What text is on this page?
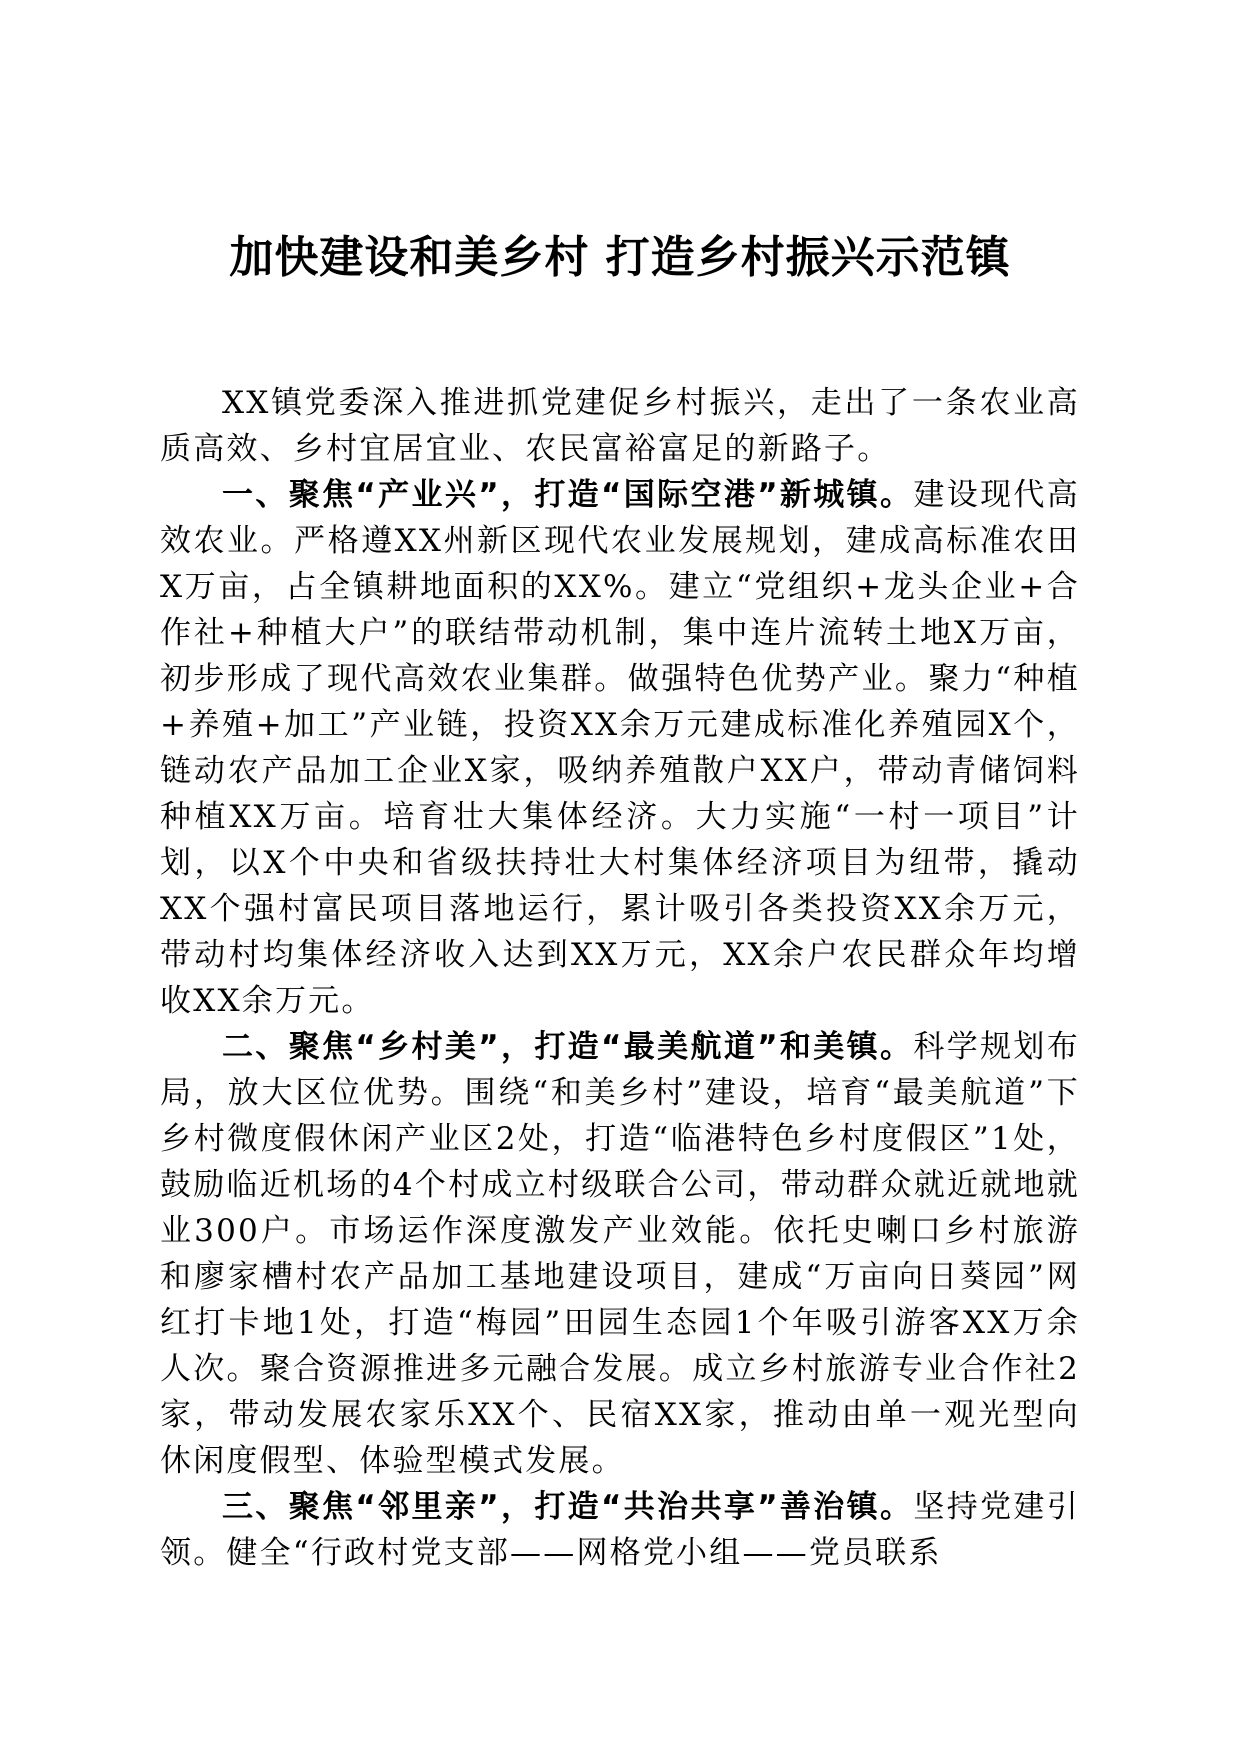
加快建设和美乡村 打造乡村振兴示范镇

XX镇党委深入推进抓党建促乡村振兴，走出了一条农业高质高效、乡村宜居宜业、农民富裕富足的新路子。

一、聚焦“产业兴”，打造“国际空港”新城镇。建设现代高效农业。严格遵XX州新区现代农业发展规划，建成高标准农田X万亩，占全镇耕地面积的XX%。建立“党组织+龙头企业+合作社+种植大户”的联结带动机制，集中连片流转土地X万亩，初步形成了现代高效农业集群。做强特色优势产业。聚力“种植+养殖+加工”产业链，投资XX余万元建成标准化养殖园X个，链动农产品加工企业X家，吸纳养殖散户XX户，带动青储饲料种植XX万亩。培育壮大集体经济。大力实施“一村一项目”计划，以X个中央和省级扶持壮大村集体经济项目为纽带，撬动XX个强村富民项目落地运行，累计吸引各类投资XX余万元，带动村均集体经济收入达到XX万元，XX余户农民群众年均增收XX余万元。

二、聚焦“乡村美”，打造“最美航道”和美镇。科学规划布局，放大区位优势。围绕“和美乡村”建设，培育“最美航道”下乡村微度假休闲产业区2处，打造“临港特色乡村度假区”1处，鼓励临近机场的4个村成立村级联合公司，带动群众就近就地就业300户。市场运作深度激发产业效能。依托史喇口乡村旅游和廖家槽村农产品加工基地建设项目，建成“万亩向日葵园”网红打卡地1处，打造“梅园”田园生态园1个年吸引游客XX万余人次。聚合资源推进多元融合发展。成立乡村旅游专业合作社2家，带动发展农家乐XX个、民宿XX家，推动由单一观光型向休闲度假型、体验型模式发展。

三、聚焦“邻里亲”，打造“共治共享”善治镇。坚持党建引领。健全“行政村党支部——网格党小组——党员联系
